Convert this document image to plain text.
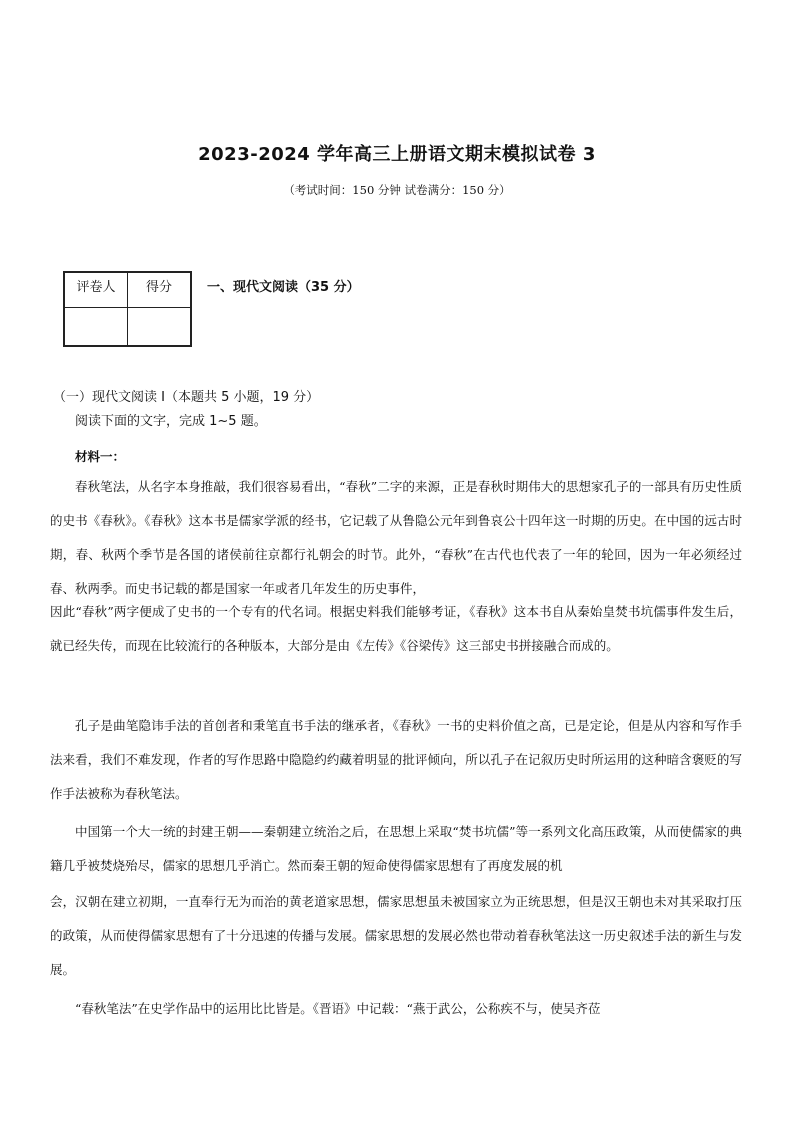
2023-2024 学年高三上册语文期末模拟试卷 3
（考试时间：150 分钟 试卷满分：150 分）
评卷人	得分
		一、现代文阅读（35 分）
（一）现代文阅读 I（本题共 5 小题，19 分）
阅读下面的文字，完成 1~5 题。
材料一：

春秋笔法，从名字本身推敲，我们很容易看出，“春秋”二字的来源，正是春秋时期伟大的思想家孔子的一部具有历史性质的史书《春秋》。《春秋》这本书是儒家学派的经书，它记载了从鲁隐公元年到鲁哀公十四年这一时期的历史。在中国的远古时期，春、秋两个季节是各国的诸侯前往京都行礼朝会的时节。此外，“春秋”在古代也代表了一年的轮回，因为一年必须经过春、秋两季。而史书记载的都是国家一年或者几年发生的历史事件，

因此“春秋”两字便成了史书的一个专有的代名词。根据史料我们能够考证，《春秋》这本书自从秦始皇焚书坑儒事件发生后，就已经失传，而现在比较流行的各种版本，大部分是由《左传》《谷梁传》这三部史书拼接融合而成的。

孔子是曲笔隐讳手法的首创者和秉笔直书手法的继承者，《春秋》一书的史料价值之高，已是定论，但是从内容和写作手法来看，我们不难发现，作者的写作思路中隐隐约约藏着明显的批评倾向，所以孔子在记叙历史时所运用的这种暗含褒贬的写作手法被称为春秋笔法。

中国第一个大一统的封建王朝——秦朝建立统治之后，在思想上采取“焚书坑儒”等一系列文化高压政策，从而使儒家的典籍几乎被焚烧殆尽，儒家的思想几乎消亡。然而秦王朝的短命使得儒家思想有了再度发展的机

会，汉朝在建立初期，一直奉行无为而治的黄老道家思想，儒家思想虽未被国家立为正统思想，但是汉王朝也未对其采取打压的政策，从而使得儒家思想有了十分迅速的传播与发展。儒家思想的发展必然也带动着春秋笔法这一历史叙述手法的新生与发展。

“春秋笔法”在史学作品中的运用比比皆是。《晋语》中记载：“燕于武公，公称疾不与，使吴齐莅
